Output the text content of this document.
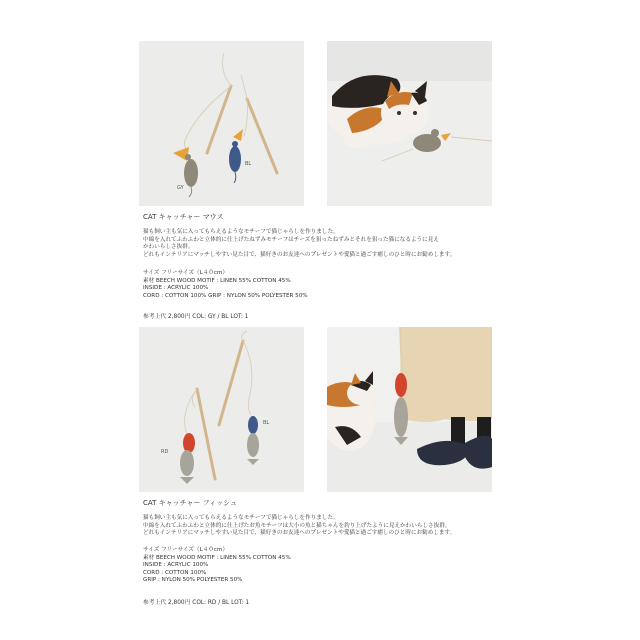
GY
BL
CAT キャッチャー マウス
猫も飼い主も気に入ってもらえるようなモチーフで猫じゃらしを作りました。
中綿を入れてふわふわと立体的に仕上げたねずみモチーフはチーズを狙ったねずみとそれを狙った猫になるように見え
かわいらしさ抜群。
どれもインテリアにマッチしやすい見た目で、猫好きのお友達へのプレゼントや愛猫と過ごす癒しのひと時にお勧めします。
サイズ フリーサイズ（L４０cm）
素材 BEECH WOOD MOTIF : LINEN 55% COTTON 45%
INSIDE : ACRYLIC 100%
CORD : COTTON 100% GRIP : NYLON 50% POLYESTER 50%
参考上代 2,800円 COL: GY / BL LOT: 1
RD
BL
CAT キャッチャー フィッシュ
猫も飼い主も気に入ってもらえるようなモチーフで猫じゃらしを作りました。
中綿を入れてふわふわと立体的に仕上げたお魚モチーフは大小の魚と猫ちゃんを釣り上げたように見えかわいらしさ抜群。
どれもインテリアにマッチしやすい見た目で、猫好きのお友達へのプレゼントや愛猫と過ごす癒しのひと時にお勧めします。
サイズ フリーサイズ（L４０cm）
素材 BEECH WOOD MOTIF : LINEN 55% COTTON 45%
INSIDE : ACRYLIC 100%
CORD : COTTON 100%
GRIP : NYLON 50% POLYESTER 50%
参考上代 2,800円 COL: RD / BL LOT: 1
